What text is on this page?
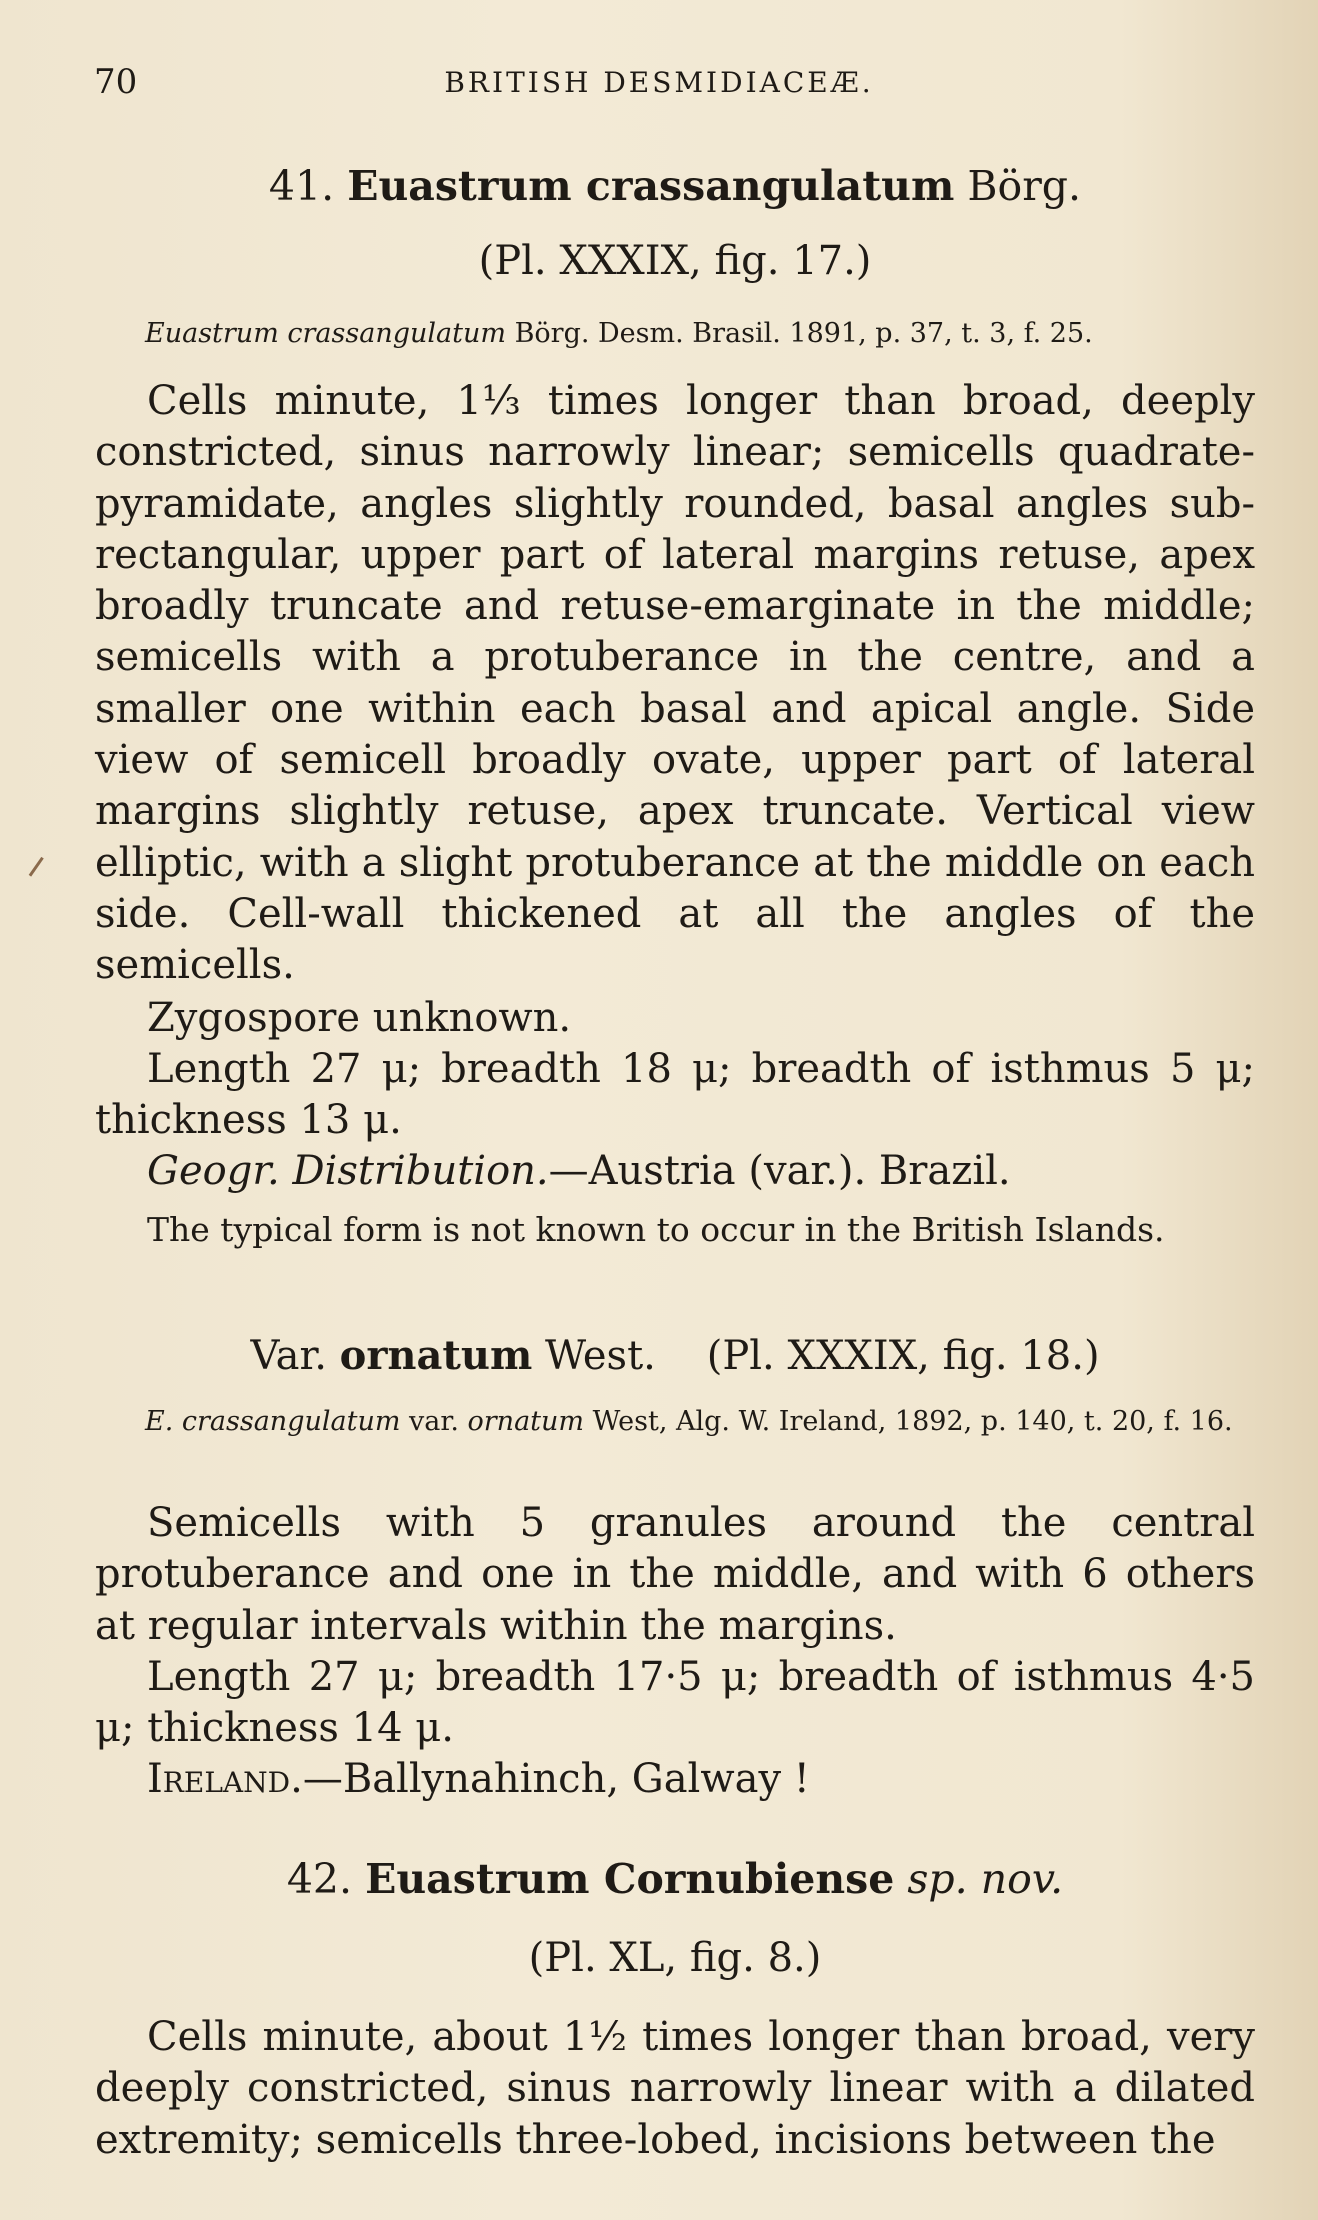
70	BRITISH DESMIDIACEÆ.
41. Euastrum crassangulatum Börg.
(Pl. XXXIX, fig. 17.)
Euastrum crassangulatum Börg. Desm. Brasil. 1891, p. 37, t. 3, f. 25.

Cells minute, 1⅓ times longer than broad, deeply constricted, sinus narrowly linear; semicells quadrate-pyramidate, angles slightly rounded, basal angles sub-rectangular, upper part of lateral margins retuse, apex broadly truncate and retuse-emarginate in the middle; semicells with a protuberance in the centre, and a smaller one within each basal and apical angle. Side view of semicell broadly ovate, upper part of lateral margins slightly retuse, apex truncate. Vertical view elliptic, with a slight protuberance at the middle on each side. Cell-wall thickened at all the angles of the semicells.

Zygospore unknown.
Length 27 μ; breadth 18 μ; breadth of isthmus 5 μ; thickness 13 μ.
Geogr. Distribution.—Austria (var.). Brazil.
The typical form is not known to occur in the British Islands.
Var. ornatum West. (Pl. XXXIX, fig. 18.)
E. crassangulatum var. ornatum West, Alg. W. Ireland, 1892, p. 140, t. 20, f. 16.

Semicells with 5 granules around the central protuberance and one in the middle, and with 6 others at regular intervals within the margins.

Length 27 μ; breadth 17·5 μ; breadth of isthmus 4·5 μ; thickness 14 μ.
Ireland.—Ballynahinch, Galway !
42. Euastrum Cornubiense sp. nov.
(Pl. XL, fig. 8.)

Cells minute, about 1½ times longer than broad, very deeply constricted, sinus narrowly linear with a dilated extremity; semicells three-lobed, incisions between the
